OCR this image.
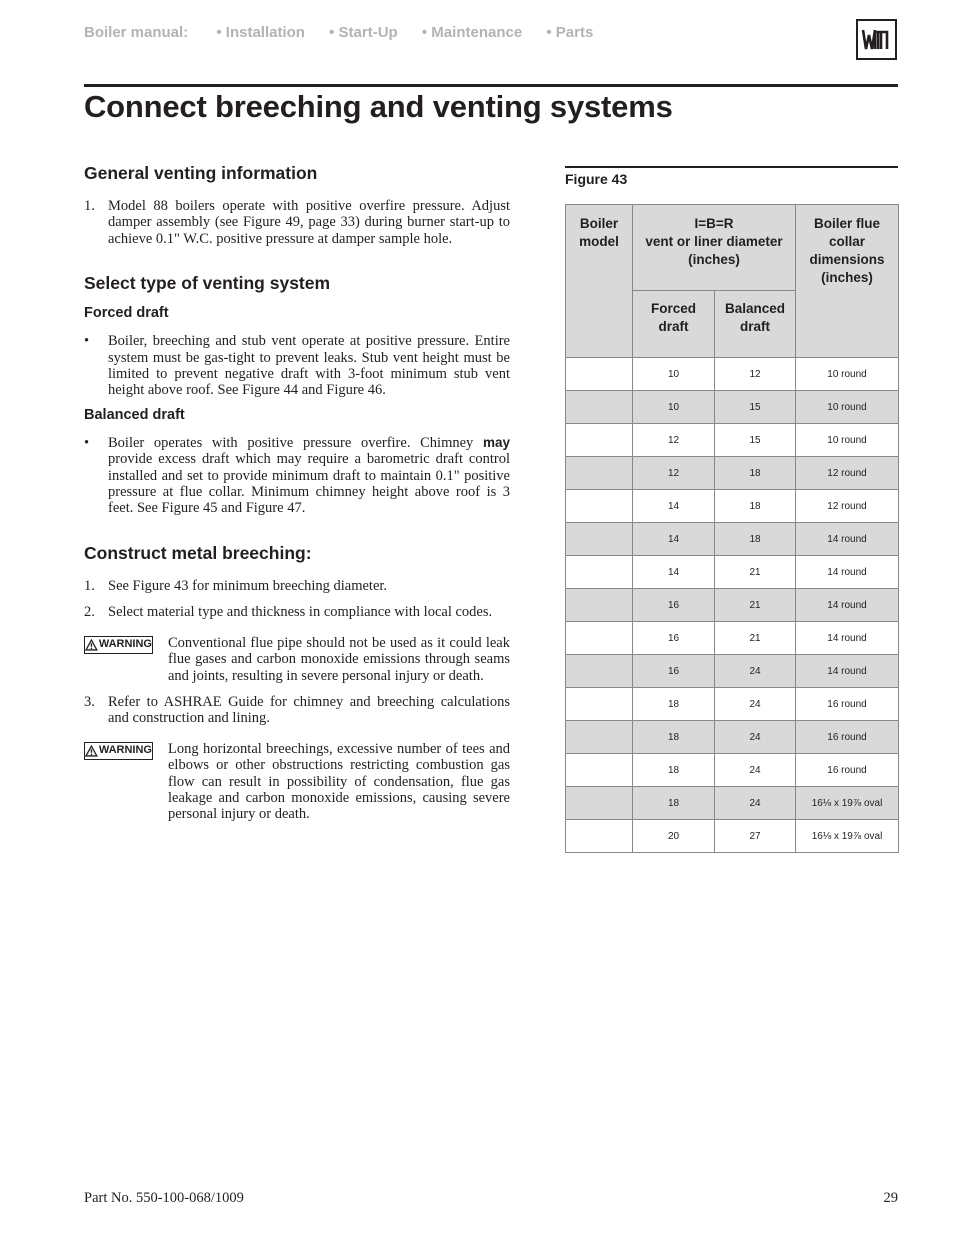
Boiler manual: • Installation • Start-Up • Maintenance • Parts
Connect breeching and venting systems
General venting information
1. Model 88 boilers operate with positive overfire pressure. Adjust damper assembly (see Figure 49, page 33) during burner start-up to achieve 0.1" W.C. positive pressure at damper sample hole.
Select type of venting system
Forced draft
• Boiler, breeching and stub vent operate at positive pressure. Entire system must be gas-tight to prevent leaks. Stub vent height must be limited to prevent negative draft with 3-foot minimum stub vent height above roof. See Figure 44 and Figure 46.
Balanced draft
• Boiler operates with positive pressure overfire. Chimney may provide excess draft which may require a barometric draft control installed and set to provide minimum draft to maintain 0.1" positive pressure at flue collar. Minimum chimney height above roof is 3 feet. See Figure 45 and Figure 47.
Construct metal breeching:
1. See Figure 43 for minimum breeching diameter.
2. Select material type and thickness in compliance with local codes.
WARNING Conventional flue pipe should not be used as it could leak flue gases and carbon monoxide emissions through seams and joints, resulting in severe personal injury or death.
3. Refer to ASHRAE Guide for chimney and breeching calculations and construction and lining.
WARNING Long horizontal breechings, excessive number of tees and elbows or other obstructions restricting combustion gas flow can result in possibility of condensation, flue gas leakage and carbon monoxide emissions, causing severe personal injury or death.
Figure 43
Boiler model	I=B=R
vent or liner diameter
(inches)		Boiler flue collar dimensions (inches)
	Forced draft	Balanced draft	
	10	12	10 round
	10	15	10 round
	12	15	10 round
	12	18	12 round
	14	18	12 round
	14	18	14 round
	14	21	14 round
	16	21	14 round
	16	21	14 round
	16	24	14 round
	18	24	16 round
	18	24	16 round
	18	24	16 round
	18	24	16⅛ x 19⅞ oval
	20	27	16⅛ x 19⅞ oval
Part No. 550-100-068/1009	29
